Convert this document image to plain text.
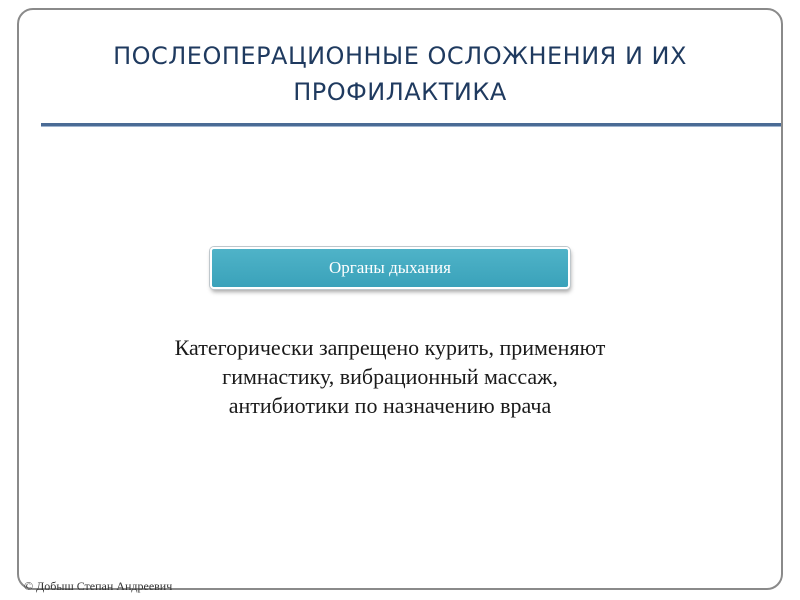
ПОСЛЕОПЕРАЦИОННЫЕ ОСЛОЖНЕНИЯ И ИХ
ПРОФИЛАКТИКА
Органы дыхания

Категорически запрещено курить, применяют
гимнастику, вибрационный массаж,
антибиотики по назначению врача

© Добыш Степан Андреевич
